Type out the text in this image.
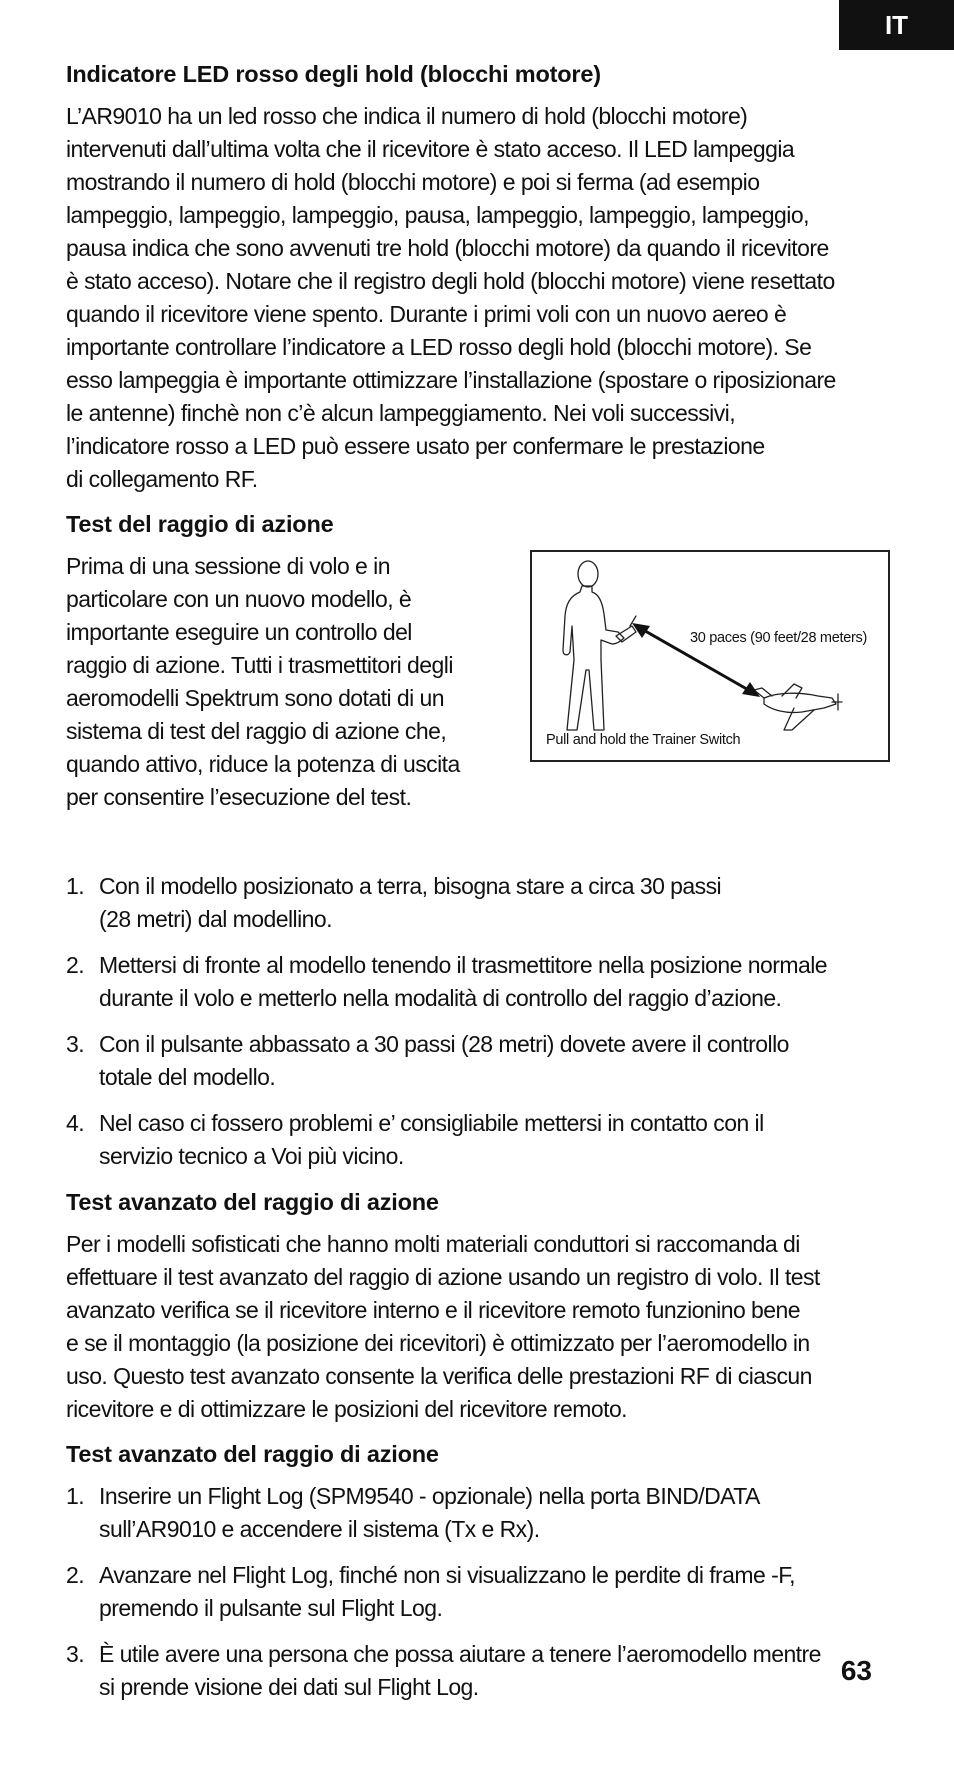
IT
Indicatore LED rosso degli hold (blocchi motore)
L’AR9010 ha un led rosso che indica il numero di hold (blocchi motore)
intervenuti dall’ultima volta che il ricevitore è stato acceso. Il LED lampeggia
mostrando il numero di hold (blocchi motore) e poi si ferma (ad esempio
lampeggio, lampeggio, lampeggio, pausa, lampeggio, lampeggio, lampeggio,
pausa indica che sono avvenuti tre hold (blocchi motore) da quando il ricevitore
è stato acceso). Notare che il registro degli hold (blocchi motore) viene resettato
quando il ricevitore viene spento. Durante i primi voli con un nuovo aereo è
importante controllare l’indicatore a LED rosso degli hold (blocchi motore). Se
esso lampeggia è importante ottimizzare l’installazione (spostare o riposizionare
le antenne) finchè non c’è alcun lampeggiamento. Nei voli successivi,
l’indicatore rosso a LED può essere usato per confermare le prestazione
di collegamento RF.
Test del raggio di azione
Prima di una sessione di volo e in
particolare con un nuovo modello, è
importante eseguire un controllo del
raggio di azione. Tutti i trasmettitori degli
aeromodelli Spektrum sono dotati di un
sistema di test del raggio di azione che,
quando attivo, riduce la potenza di uscita
per consentire l’esecuzione del test.
30 paces (90 feet/28 meters)
Pull and hold the Trainer Switch
1. Con il modello posizionato a terra, bisogna stare a circa 30 passi
(28 metri) dal modellino.
2. Mettersi di fronte al modello tenendo il trasmettitore nella posizione normale
durante il volo e metterlo nella modalità di controllo del raggio d’azione.
3. Con il pulsante abbassato a 30 passi (28 metri) dovete avere il controllo
totale del modello.
4. Nel caso ci fossero problemi e’ consigliabile mettersi in contatto con il
servizio tecnico a Voi più vicino.
Test avanzato del raggio di azione
Per i modelli sofisticati che hanno molti materiali conduttori si raccomanda di
effettuare il test avanzato del raggio di azione usando un registro di volo. Il test
avanzato verifica se il ricevitore interno e il ricevitore remoto funzionino bene
e se il montaggio (la posizione dei ricevitori) è ottimizzato per l’aeromodello in
uso. Questo test avanzato consente la verifica delle prestazioni RF di ciascun
ricevitore e di ottimizzare le posizioni del ricevitore remoto.
Test avanzato del raggio di azione
1. Inserire un Flight Log (SPM9540 - opzionale) nella porta BIND/DATA
sull’AR9010 e accendere il sistema (Tx e Rx).
2. Avanzare nel Flight Log, finché non si visualizzano le perdite di frame -F,
premendo il pulsante sul Flight Log.
3. È utile avere una persona che possa aiutare a tenere l’aeromodello mentre
si prende visione dei dati sul Flight Log.
63
